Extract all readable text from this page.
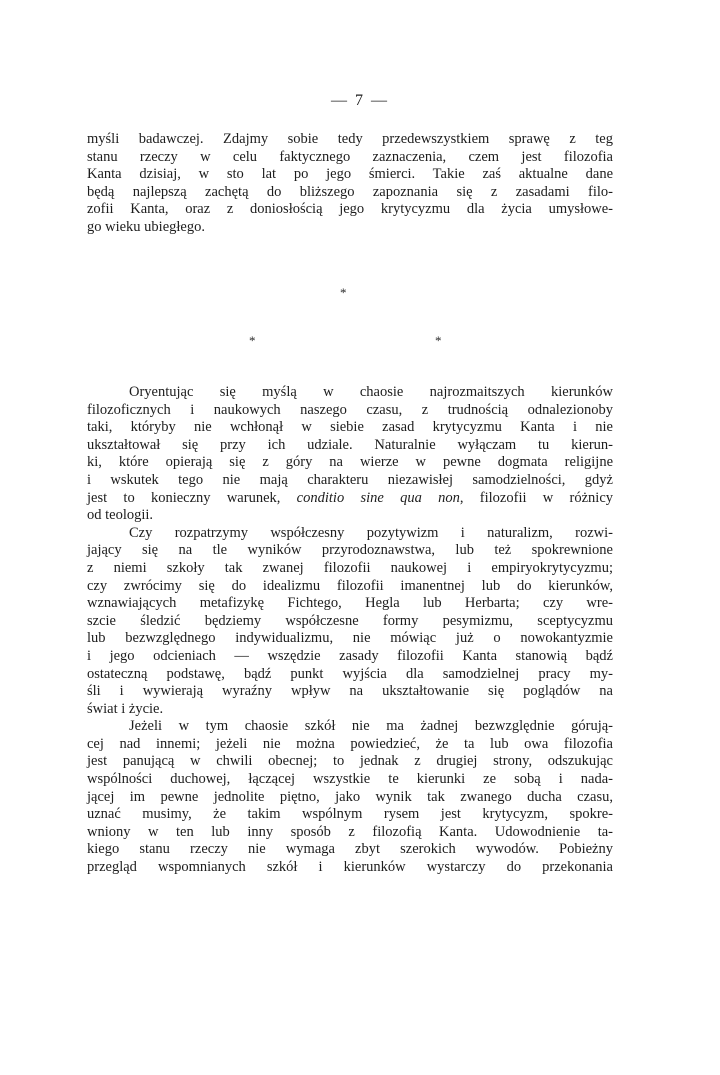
— 7 —
myśli badawczej. Zdajmy sobie tedy przedewszystkiem sprawę z teg
stanu rzeczy w celu faktycznego zaznaczenia, czem jest filozofia
Kanta dzisiaj, w sto lat po jego śmierci. Takie zaś aktualne dane
będą najlepszą zachętą do bliższego zapoznania się z zasadami filo-
zofii Kanta, oraz z doniosłością jego krytycyzmu dla życia umysłowe-
go wieku ubiegłego.
*
*	*
Oryentując się myślą w chaosie najrozmaitszych kierunków
filozoficznych i naukowych naszego czasu, z trudnością odnalezionoby
taki, któryby nie wchłonął w siebie zasad krytycyzmu Kanta i nie
ukształtował się przy ich udziale. Naturalnie wyłączam tu kierun-
ki, które opierają się z góry na wierze w pewne dogmata religijne
i wskutek tego nie mają charakteru niezawisłej samodzielności, gdyż
jest to konieczny warunek, conditio sine qua non, filozofii w różnicy
od teologii.
Czy rozpatrzymy współczesny pozytywizm i naturalizm, rozwi-
jający się na tle wyników przyrodoznawstwa, lub też spokrewnione
z niemi szkoły tak zwanej filozofii naukowej i empiryokrytycyzmu;
czy zwrócimy się do idealizmu filozofii imanentnej lub do kierunków,
wznawiających metafizykę Fichtego, Hegla lub Herbarta; czy wre-
szcie śledzić będziemy współczesne formy pesymizmu, sceptycyzmu
lub bezwzględnego indywidualizmu, nie mówiąc już o nowokantyzmie
i jego odcieniach — wszędzie zasady filozofii Kanta stanowią bądź
ostateczną podstawę, bądź punkt wyjścia dla samodzielnej pracy my-
śli i wywierają wyraźny wpływ na ukształtowanie się poglądów na
świat i życie.
Jeżeli w tym chaosie szkół nie ma żadnej bezwzględnie górują-
cej nad innemi; jeżeli nie można powiedzieć, że ta lub owa filozofia
jest panującą w chwili obecnej; to jednak z drugiej strony, odszukując
wspólności duchowej, łączącej wszystkie te kierunki ze sobą i nada-
jącej im pewne jednolite piętno, jako wynik tak zwanego ducha czasu,
uznać musimy, że takim wspólnym rysem jest krytycyzm, spokre-
wniony w ten lub inny sposób z filozofią Kanta. Udowodnienie ta-
kiego stanu rzeczy nie wymaga zbyt szerokich wywodów. Pobieżny
przegląd wspomnianych szkół i kierunków wystarczy do przekonania
